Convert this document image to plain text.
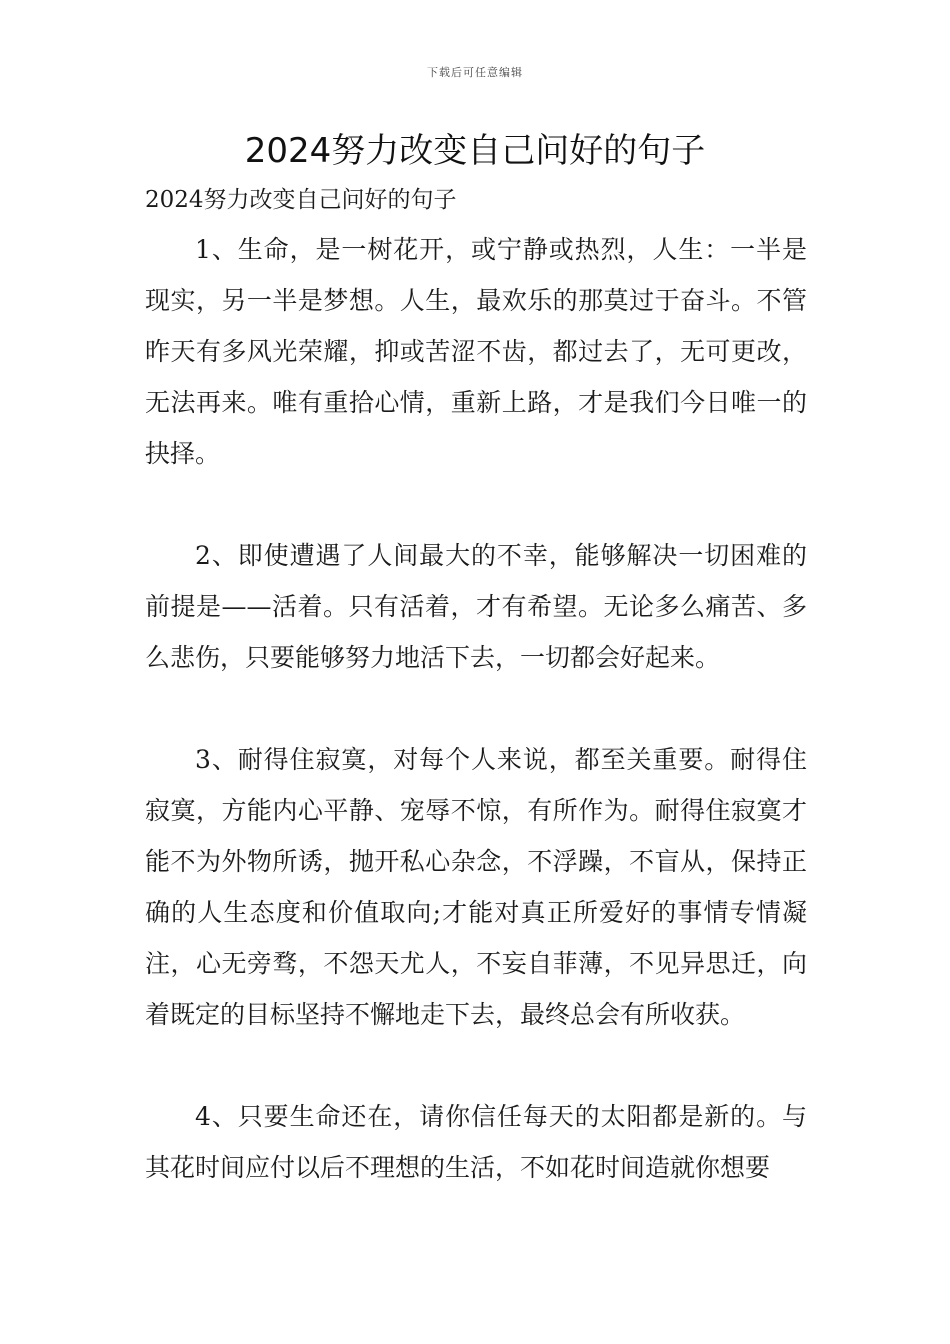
下载后可任意编辑
2024努力改变自己问好的句子

2024努力改变自己问好的句子

1、生命，是一树花开，或宁静或热烈，人生：一半是现实，另一半是梦想。人生，最欢乐的那莫过于奋斗。不管昨天有多风光荣耀，抑或苦涩不齿，都过去了，无可更改，无法再来。唯有重拾心情，重新上路，才是我们今日唯一的抉择。

2、即使遭遇了人间最大的不幸，能够解决一切困难的前提是——活着。只有活着，才有希望。无论多么痛苦、多么悲伤，只要能够努力地活下去，一切都会好起来。

3、耐得住寂寞，对每个人来说，都至关重要。耐得住寂寞，方能内心平静、宠辱不惊，有所作为。耐得住寂寞才能不为外物所诱，抛开私心杂念，不浮躁，不盲从，保持正确的人生态度和价值取向;才能对真正所爱好的事情专情凝注，心无旁骛，不怨天尤人，不妄自菲薄，不见异思迁，向着既定的目标坚持不懈地走下去，最终总会有所收获。

4、只要生命还在，请你信任每天的太阳都是新的。与其花时间应付以后不理想的生活，不如花时间造就你想要
